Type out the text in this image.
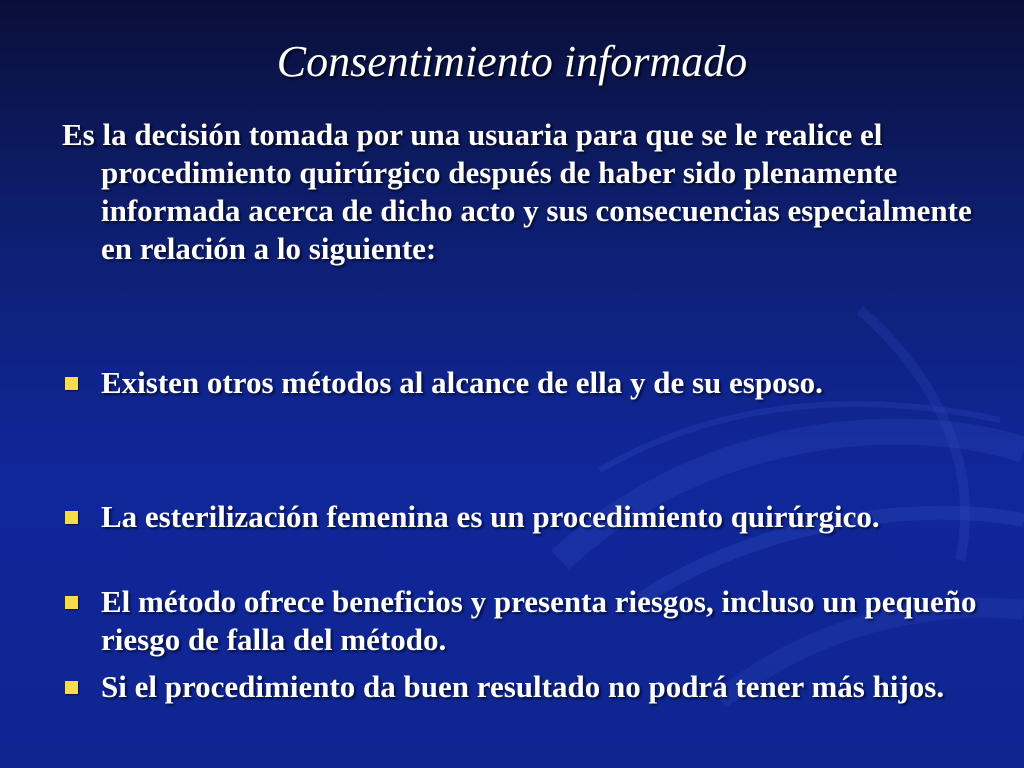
Consentimiento informado

Es la decisión tomada por una usuaria para que se le realice el procedimiento quirúrgico después de haber sido plenamente informada acerca de dicho acto y sus consecuencias especialmente en relación a lo siguiente:

Existen otros métodos al alcance de ella y de su esposo.
La esterilización femenina es un procedimiento quirúrgico.
El método ofrece beneficios y presenta riesgos, incluso un pequeño riesgo de falla del método.
Si el procedimiento da buen resultado no podrá tener más hijos.
